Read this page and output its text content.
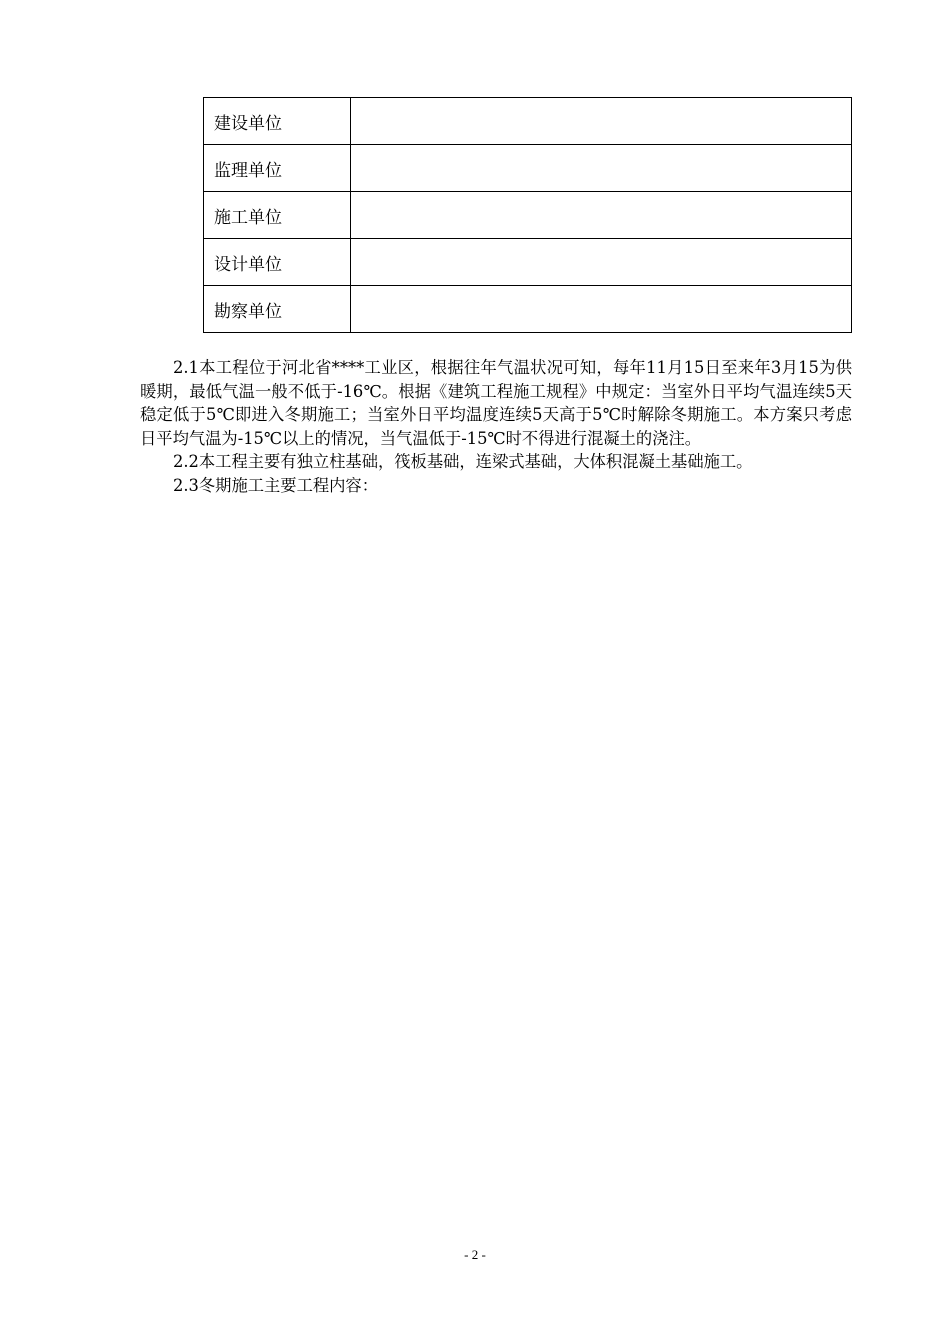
建设单位	
监理单位	
施工单位	
设计单位	
勘察单位	

2.1本工程位于河北省****工业区，根据往年气温状况可知，每年11月15日至来年3月15为供暖期，最低气温一般不低于-16℃。根据《建筑工程施工规程》中规定：当室外日平均气温连续5天稳定低于5℃即进入冬期施工；当室外日平均温度连续5天高于5℃时解除冬期施工。本方案只考虑日平均气温为-15℃以上的情况，当气温低于-15℃时不得进行混凝土的浇注。

2.2本工程主要有独立柱基础，筏板基础，连梁式基础，大体积混凝土基础施工。

2.3冬期施工主要工程内容：

- 2 -
